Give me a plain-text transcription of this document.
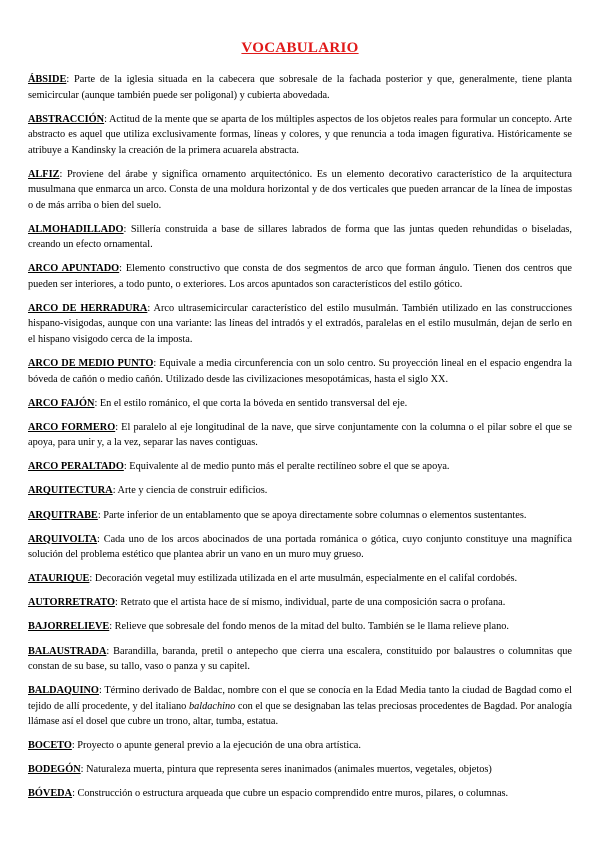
VOCABULARIO

ÁBSIDE: Parte de la iglesia situada en la cabecera que sobresale de la fachada posterior y que, generalmente, tiene planta semicircular (aunque también puede ser poligonal) y cubierta abovedada.

ABSTRACCIÓN: Actitud de la mente que se aparta de los múltiples aspectos de los objetos reales para formular un concepto. Arte abstracto es aquel que utiliza exclusivamente formas, líneas y colores, y que renuncia a toda imagen figurativa. Históricamente se atribuye a Kandinsky la creación de la primera acuarela abstracta.

ALFIZ: Proviene del árabe y significa ornamento arquitectónico. Es un elemento decorativo característico de la arquitectura musulmana que enmarca un arco. Consta de una moldura horizontal y de dos verticales que pueden arrancar de la línea de impostas o de más arriba o bien del suelo.

ALMOHADILLADO: Sillería construida a base de sillares labrados de forma que las juntas queden rehundidas o biseladas, creando un efecto ornamental.

ARCO APUNTADO: Elemento constructivo que consta de dos segmentos de arco que forman ángulo. Tienen dos centros que pueden ser interiores, a todo punto, o exteriores. Los arcos apuntados son característicos del estilo gótico.

ARCO DE HERRADURA: Arco ultrasemicircular característico del estilo musulmán. También utilizado en las construcciones hispano-visigodas, aunque con una variante: las líneas del intradós y el extradós, paralelas en el estilo musulmán, dejan de serlo en el hispano visigodo cerca de la imposta.

ARCO DE MEDIO PUNTO: Equivale a media circunferencia con un solo centro. Su proyección lineal en el espacio engendra la bóveda de cañón o medio cañón. Utilizado desde las civilizaciones mesopotámicas, hasta el siglo XX.

ARCO FAJÓN: En el estilo románico, el que corta la bóveda en sentido transversal del eje.

ARCO FORMERO: El paralelo al eje longitudinal de la nave, que sirve conjuntamente con la columna o el pilar sobre el que se apoya, para unir y, a la vez, separar las naves contiguas.

ARCO PERALTADO: Equivalente al de medio punto más el peralte rectilíneo sobre el que se apoya.

ARQUITECTURA: Arte y ciencia de construir edificios.

ARQUITRABE: Parte inferior de un entablamento que se apoya directamente sobre columnas o elementos sustentantes.

ARQUIVOLTA: Cada uno de los arcos abocinados de una portada románica o gótica, cuyo conjunto constituye una magnífica solución del problema estético que plantea abrir un vano en un muro muy grueso.

ATAURIQUE: Decoración vegetal muy estilizada utilizada en el arte musulmán, especialmente en el califal cordobés.

AUTORRETRATO: Retrato que el artista hace de sí mismo, individual, parte de una composición sacra o profana.

BAJORRELIEVE: Relieve que sobresale del fondo menos de la mitad del bulto. También se le llama relieve plano.

BALAUSTRADA: Barandilla, baranda, pretil o antepecho que cierra una escalera, constituido por balaustres o columnitas que constan de su base, su tallo, vaso o panza y su capitel.

BALDAQUINO: Término derivado de Baldac, nombre con el que se conocía en la Edad Media tanto la ciudad de Bagdad como el tejido de allí procedente, y del italiano baldachino con el que se designaban las telas preciosas procedentes de Bagdad. Por analogía llámase así el dosel que cubre un trono, altar, tumba, estatua.

BOCETO: Proyecto o apunte general previo a la ejecución de una obra artística.

BODEGÓN: Naturaleza muerta, pintura que representa seres inanimados (animales muertos, vegetales, objetos)

BÓVEDA: Construcción o estructura arqueada que cubre un espacio comprendido entre muros, pilares, o columnas.
